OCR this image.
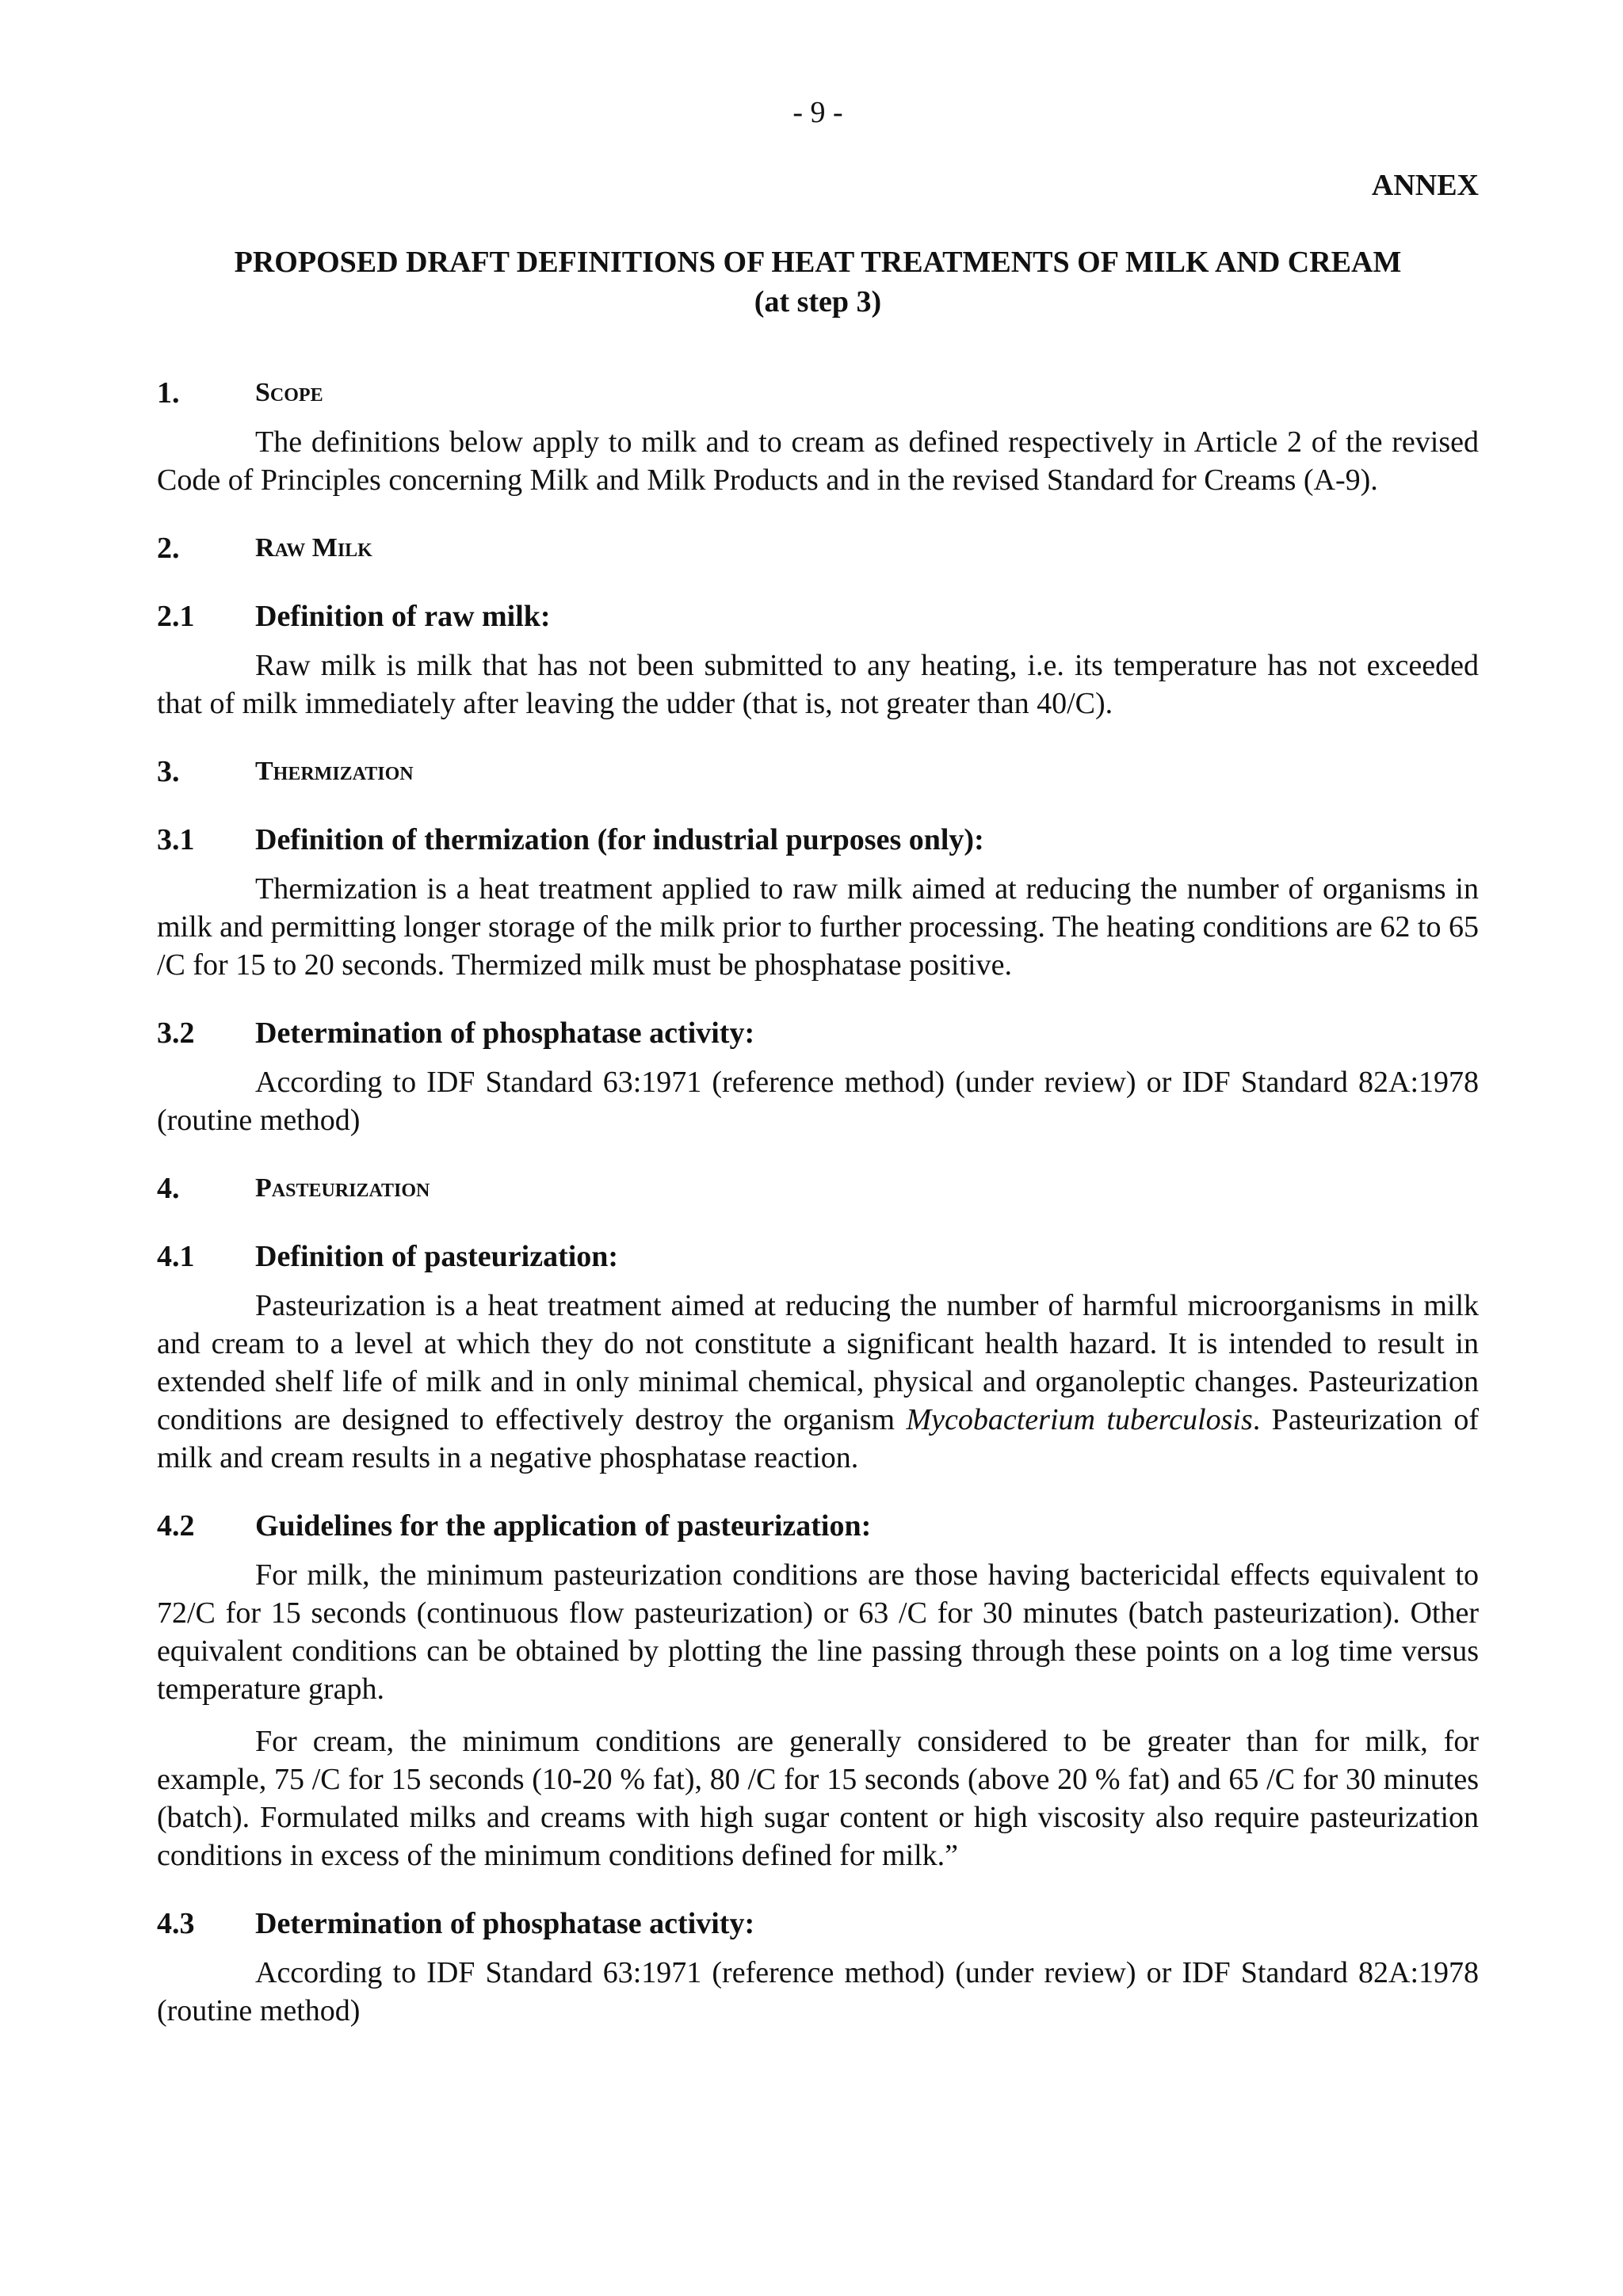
- 9 -

ANNEX

PROPOSED DRAFT DEFINITIONS OF HEAT TREATMENTS OF MILK AND CREAM
(at step 3)
1.	Scope

The definitions below apply to milk and to cream as defined respectively in Article 2 of the revised Code of Principles concerning Milk and Milk Products and in the revised Standard for Creams (A-9).

2.	Raw Milk
2.1	Definition of raw milk:

Raw milk is milk that has not been submitted to any heating, i.e. its temperature has not exceeded that of milk immediately after leaving the udder (that is, not greater than 40/C).

3.	Thermization
3.1	Definition of thermization (for industrial purposes only):

Thermization is a heat treatment applied to raw milk aimed at reducing the number of organisms in milk and permitting longer storage of the milk prior to further processing. The heating conditions are 62 to 65 /C for 15 to 20 seconds. Thermized milk must be phosphatase positive.

3.2	Determination of phosphatase activity:

According to IDF Standard 63:1971 (reference method) (under review) or IDF Standard 82A:1978 (routine method)

4.	Pasteurization
4.1	Definition of pasteurization:

Pasteurization is a heat treatment aimed at reducing the number of harmful microorganisms in milk and cream to a level at which they do not constitute a significant health hazard. It is intended to result in extended shelf life of milk and in only minimal chemical, physical and organoleptic changes. Pasteurization conditions are designed to effectively destroy the organism Mycobacterium tuberculosis. Pasteurization of milk and cream results in a negative phosphatase reaction.

4.2	Guidelines for the application of pasteurization:

For milk, the minimum pasteurization conditions are those having bactericidal effects equivalent to 72/C for 15 seconds (continuous flow pasteurization) or 63 /C for 30 minutes (batch pasteurization). Other equivalent conditions can be obtained by plotting the line passing through these points on a log time versus temperature graph.

For cream, the minimum conditions are generally considered to be greater than for milk, for example, 75 /C for 15 seconds (10-20 % fat), 80 /C for 15 seconds (above 20 % fat) and 65 /C for 30 minutes (batch). Formulated milks and creams with high sugar content or high viscosity also require pasteurization conditions in excess of the minimum conditions defined for milk.”

4.3	Determination of phosphatase activity:

According to IDF Standard 63:1971 (reference method) (under review) or IDF Standard 82A:1978 (routine method)
